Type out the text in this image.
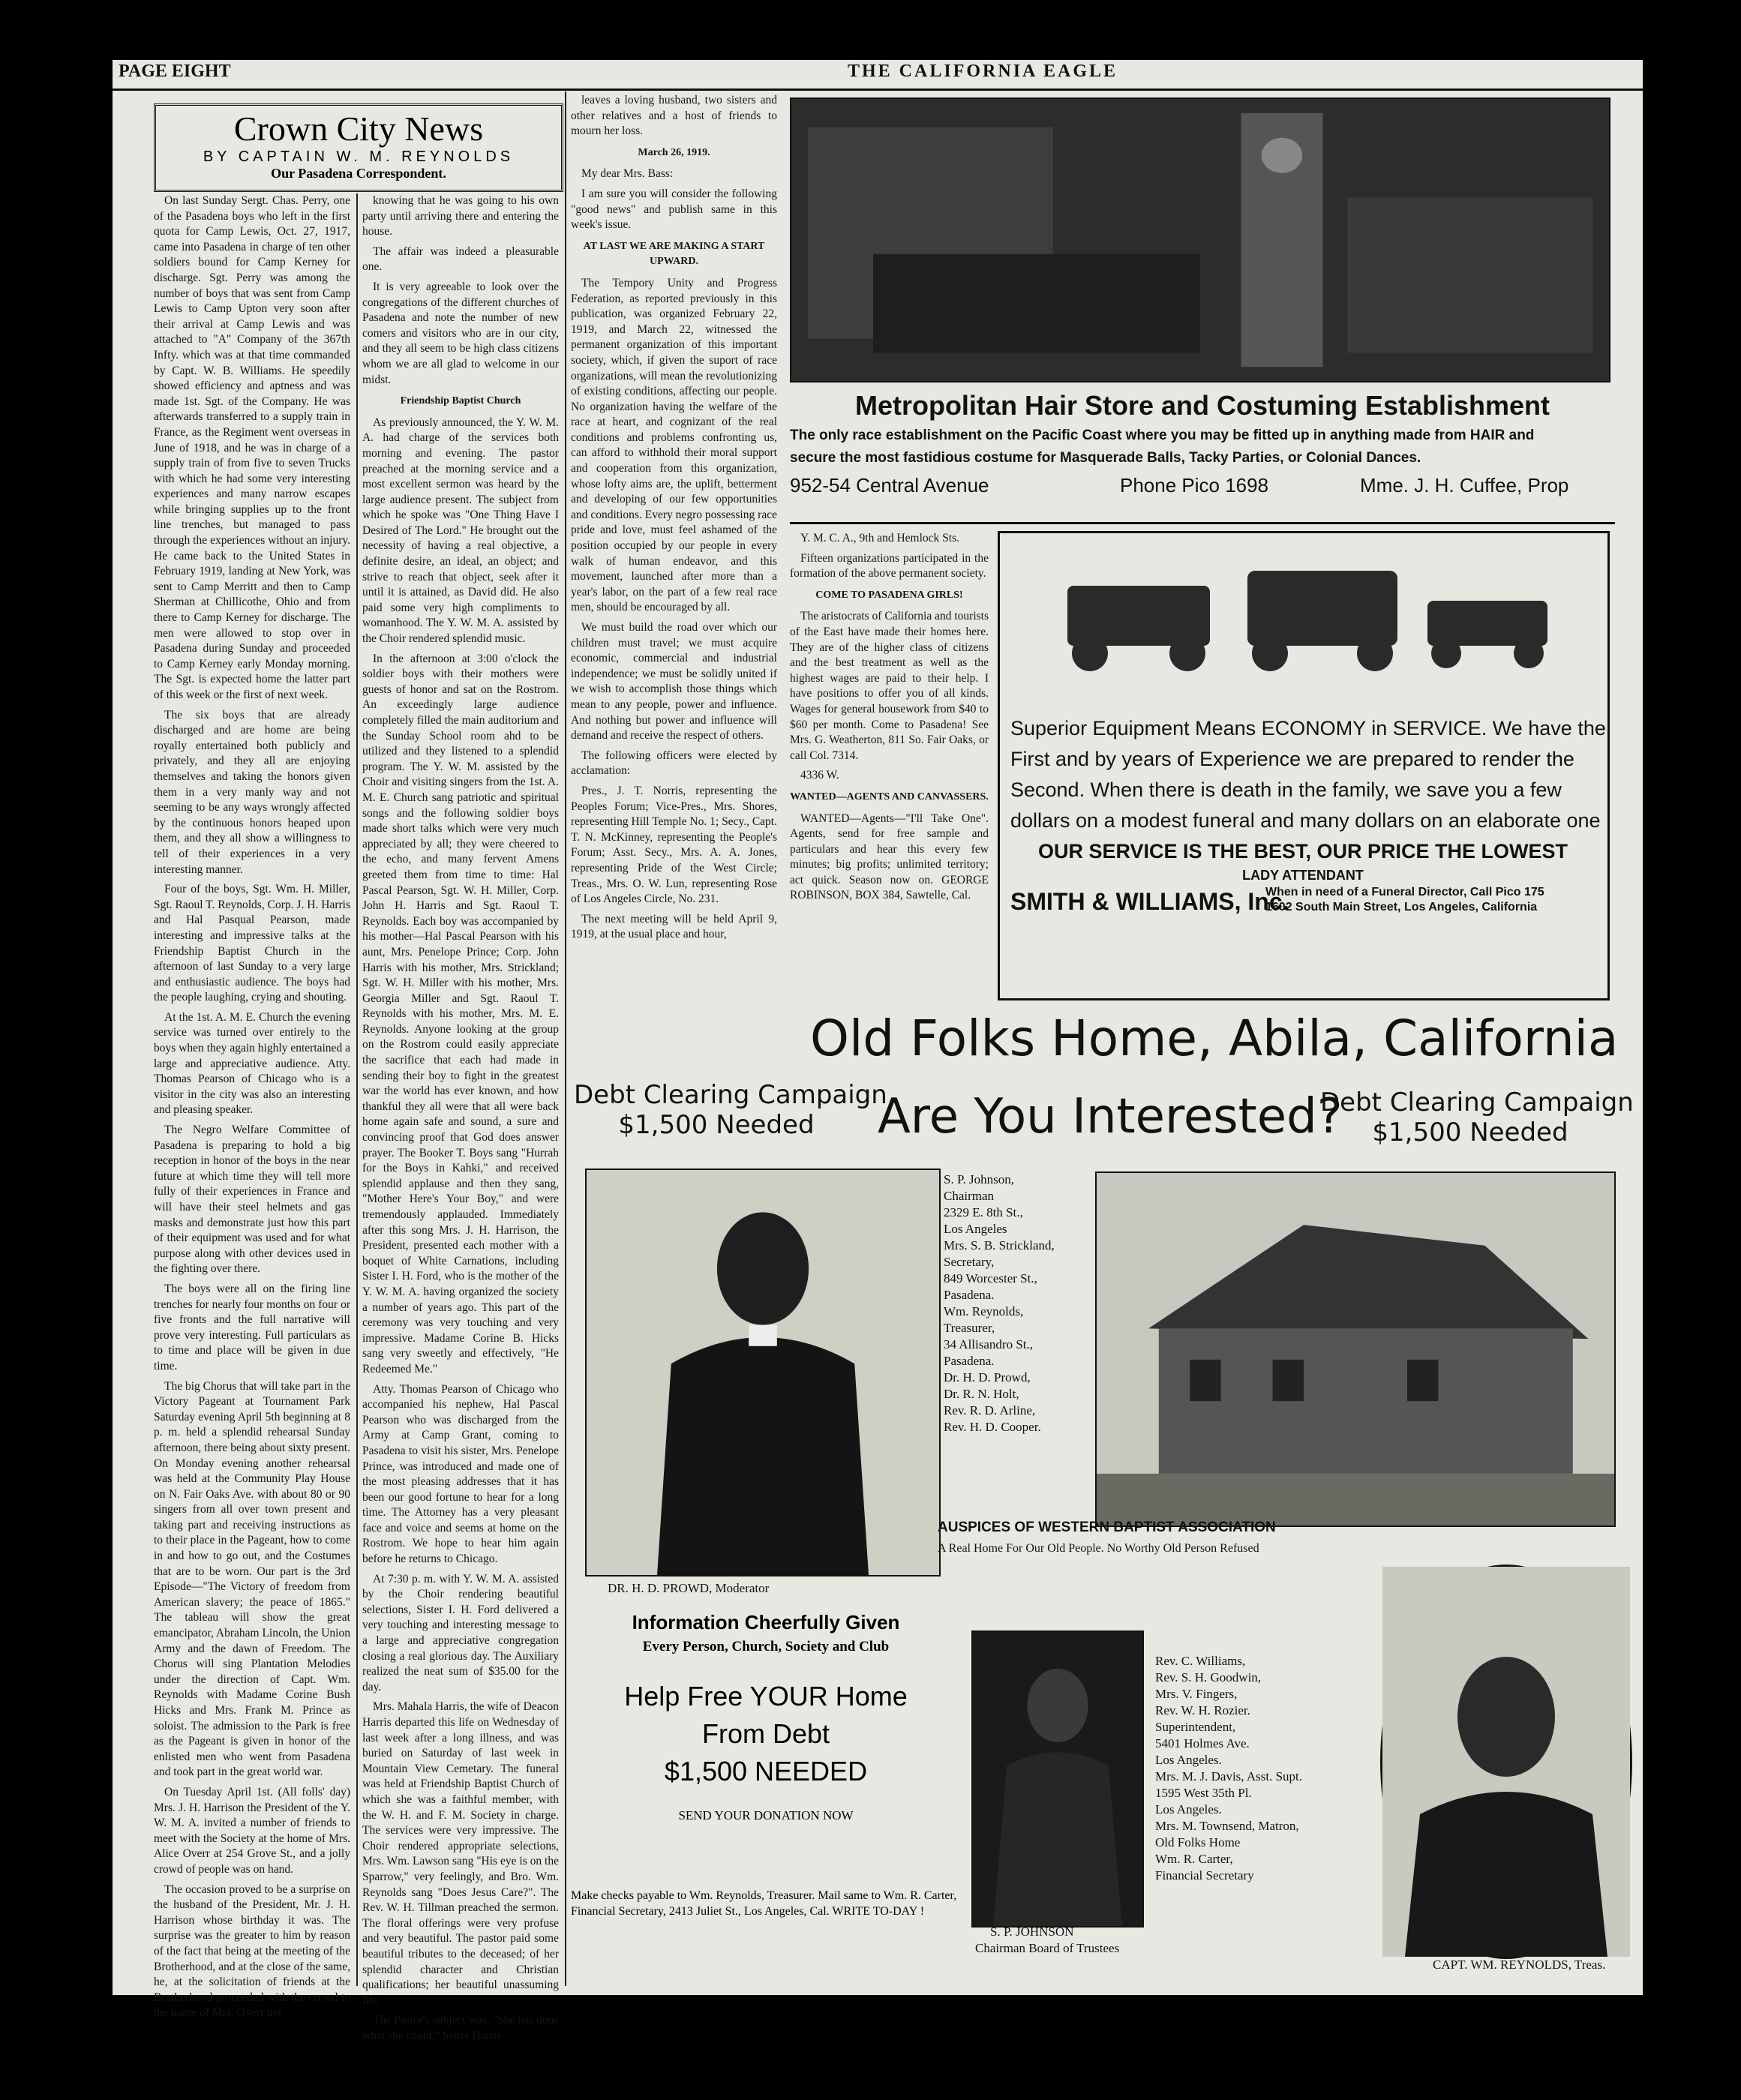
PAGE EIGHT	THE CALIFORNIA EAGLE
Crown City News
BY CAPTAIN W. M. REYNOLDS
Our Pasadena Correspondent.

On last Sunday Sergt. Chas. Perry, one of the Pasadena boys who left in the first quota for Camp Lewis, Oct. 27, 1917, came into Pasadena in charge of ten other soldiers bound for Camp Kerney for discharge. Sgt. Perry was among the number of boys that was sent from Camp Lewis to Camp Upton very soon after their arrival at Camp Lewis and was attached to "A" Company of the 367th Infty. which was at that time commanded by Capt. W. B. Williams. He speedily showed efficiency and aptness and was made 1st. Sgt. of the Company. He was afterwards transferred to a supply train in France, as the Regiment went overseas in June of 1918, and he was in charge of a supply train of from five to seven Trucks with which he had some very interesting experiences and many narrow escapes while bringing supplies up to the front line trenches, but managed to pass through the experiences without an injury. He came back to the United States in February 1919, landing at New York, was sent to Camp Merritt and then to Camp Sherman at Chillicothe, Ohio and from there to Camp Kerney for discharge. The men were allowed to stop over in Pasadena during Sunday and proceeded to Camp Kerney early Monday morning. The Sgt. is expected home the latter part of this week or the first of next week.

The six boys that are already discharged and are home are being royally entertained both publicly and privately, and they all are enjoying themselves and taking the honors given them in a very manly way and not seeming to be any ways wrongly affected by the continuous honors heaped upon them, and they all show a willingness to tell of their experiences in a very interesting manner.

Four of the boys, Sgt. Wm. H. Miller, Sgt. Raoul T. Reynolds, Corp. J. H. Harris and Hal Pasqual Pearson, made interesting and impressive talks at the Friendship Baptist Church in the afternoon of last Sunday to a very large and enthusiastic audience. The boys had the people laughing, crying and shouting.

At the 1st. A. M. E. Church the evening service was turned over entirely to the boys when they again highly entertained a large and appreciative audience. Atty. Thomas Pearson of Chicago who is a visitor in the city was also an interesting and pleasing speaker.

The Negro Welfare Committee of Pasadena is preparing to hold a big reception in honor of the boys in the near future at which time they will tell more fully of their experiences in France and will have their steel helmets and gas masks and demonstrate just how this part of their equipment was used and for what purpose along with other devices used in the fighting over there.

The boys were all on the firing line trenches for nearly four months on four or five fronts and the full narrative will prove very interesting. Full particulars as to time and place will be given in due time.

The big Chorus that will take part in the Victory Pageant at Tournament Park Saturday evening April 5th beginning at 8 p. m. held a splendid rehearsal Sunday afternoon, there being about sixty present. On Monday evening another rehearsal was held at the Community Play House on N. Fair Oaks Ave. with about 80 or 90 singers from all over town present and taking part and receiving instructions as to their place in the Pageant, how to come in and how to go out, and the Costumes that are to be worn. Our part is the 3rd Episode—"The Victory of freedom from American slavery; the peace of 1865." The tableau will show the great emancipator, Abraham Lincoln, the Union Army and the dawn of Freedom. The Chorus will sing Plantation Melodies under the direction of Capt. Wm. Reynolds with Madame Corine Bush Hicks and Mrs. Frank M. Prince as soloist. The admission to the Park is free as the Pageant is given in honor of the enlisted men who went from Pasadena and took part in the great world war.

On Tuesday April 1st. (All folls' day) Mrs. J. H. Harrison the President of the Y. W. M. A. invited a number of friends to meet with the Society at the home of Mrs. Alice Overr at 254 Grove St., and a jolly crowd of people was on hand.

The occasion proved to be a surprise on the husband of the President, Mr. J. H. Harrison whose birthday it was. The surprise was the greater to him by reason of the fact that being at the meeting of the Brotherhood, and at the close of the same, he, at the solicitation of friends at the Brotherhood proceeded with the crowd to the home of Mrs. Overr not

knowing that he was going to his own party until arriving there and entering the house.

The affair was indeed a pleasurable one.

It is very agreeable to look over the congregations of the different churches of Pasadena and note the number of new comers and visitors who are in our city, and they all seem to be high class citizens whom we are all glad to welcome in our midst.

Friendship Baptist Church

As previously announced, the Y. W. M. A. had charge of the services both morning and evening. The pastor preached at the morning service and a most excellent sermon was heard by the large audience present. The subject from which he spoke was "One Thing Have I Desired of The Lord." He brought out the necessity of having a real objective, a definite desire, an ideal, an object; and strive to reach that object, seek after it until it is attained, as David did. He also paid some very high compliments to womanhood. The Y. W. M. A. assisted by the Choir rendered splendid music.

In the afternoon at 3:00 o'clock the soldier boys with their mothers were guests of honor and sat on the Rostrom. An exceedingly large audience completely filled the main auditorium and the Sunday School room ahd to be utilized and they listened to a splendid program. The Y. W. M. assisted by the Choir and visiting singers from the 1st. A. M. E. Church sang patriotic and spiritual songs and the following soldier boys made short talks which were very much appreciated by all; they were cheered to the echo, and many fervent Amens greeted them from time to time: Hal Pascal Pearson, Sgt. W. H. Miller, Corp. John H. Harris and Sgt. Raoul T. Reynolds. Each boy was accompanied by his mother—Hal Pascal Pearson with his aunt, Mrs. Penelope Prince; Corp. John Harris with his mother, Mrs. Strickland; Sgt. W. H. Miller with his mother, Mrs. Georgia Miller and Sgt. Raoul T. Reynolds with his mother, Mrs. M. E. Reynolds. Anyone looking at the group on the Rostrom could easily appreciate the sacrifice that each had made in sending their boy to fight in the greatest war the world has ever known, and how thankful they all were that all were back home again safe and sound, a sure and convincing proof that God does answer prayer. The Booker T. Boys sang "Hurrah for the Boys in Kahki," and received splendid applause and then they sang, "Mother Here's Your Boy," and were tremendously applauded. Immediately after this song Mrs. J. H. Harrison, the President, presented each mother with a boquet of White Carnations, including Sister I. H. Ford, who is the mother of the Y. W. M. A. having organized the society a number of years ago. This part of the ceremony was very touching and very impressive. Madame Corine B. Hicks sang very sweetly and effectively, "He Redeemed Me."

Atty. Thomas Pearson of Chicago who accompanied his nephew, Hal Pascal Pearson who was discharged from the Army at Camp Grant, coming to Pasadena to visit his sister, Mrs. Penelope Prince, was introduced and made one of the most pleasing addresses that it has been our good fortune to hear for a long time. The Attorney has a very pleasant face and voice and seems at home on the Rostrom. We hope to hear him again before he returns to Chicago.

At 7:30 p. m. with Y. W. M. A. assisted by the Choir rendering beautiful selections, Sister I. H. Ford delivered a very touching and interesting message to a large and appreciative congregation closing a real glorious day. The Auxiliary realized the neat sum of $35.00 for the day.

Mrs. Mahala Harris, the wife of Deacon Harris departed this life on Wednesday of last week after a long illness, and was buried on Saturday of last week in Mountain View Cemetary. The funeral was held at Friendship Baptist Church of which she was a faithful member, with the W. H. and F. M. Society in charge. The services were very impressive. The Choir rendered appropriate selections, Mrs. Wm. Lawson sang "His eye is on the Sparrow," very feelingly, and Bro. Wm. Reynolds sang "Does Jesus Care?". The Rev. W. H. Tillman preached the sermon. The floral offerings were very profuse and very beautiful. The pastor paid some beautiful tributes to the deceased; of her splendid character and Christian qualifications; her beautiful unassuming life.

The Pastor's subject was, "She has done what she could." Sister Harris

leaves a loving husband, two sisters and other relatives and a host of friends to mourn her loss.

March 26, 1919.

My dear Mrs. Bass:

I am sure you will consider the following "good news" and publish same in this week's issue.

AT LAST WE ARE MAKING A START UPWARD.

The Tempory Unity and Progress Federation, as reported previously in this publication, was organized February 22, 1919, and March 22, witnessed the permanent organization of this important society, which, if given the suport of race organizations, will mean the revolutionizing of existing conditions, affecting our people. No organization having the welfare of the race at heart, and cognizant of the real conditions and problems confronting us, can afford to withhold their moral support and cooperation from this organization, whose lofty aims are, the uplift, betterment and developing of our few opportunities and conditions. Every negro possessing race pride and love, must feel ashamed of the position occupied by our people in every walk of human endeavor, and this movement, launched after more than a year's labor, on the part of a few real race men, should be encouraged by all.

We must build the road over which our children must travel; we must acquire economic, commercial and industrial independence; we must be solidly united if we wish to accomplish those things which mean to any people, power and influence. And nothing but power and influence will demand and receive the respect of others.

The following officers were elected by acclamation:

Pres., J. T. Norris, representing the Peoples Forum; Vice-Pres., Mrs. Shores, representing Hill Temple No. 1; Secy., Capt. T. N. McKinney, representing the People's Forum; Asst. Secy., Mrs. A. A. Jones, representing Pride of the West Circle; Treas., Mrs. O. W. Lun, representing Rose of Los Angeles Circle, No. 231.

The next meeting will be held April 9, 1919, at the usual place and hour,

Metropolitan Hair Store and Costuming Establishment
The only race establishment on the Pacific Coast where you may be fitted up in anything made from HAIR and
secure the most fastidious costume for Masquerade Balls, Tacky Parties, or Colonial Dances.
952-54 Central Avenue	Phone Pico 1698	Mme. J. H. Cuffee, Prop

Y. M. C. A., 9th and Hemlock Sts.

Fifteen organizations participated in the formation of the above permanent society.

COME TO PASADENA GIRLS!

The aristocrats of California and tourists of the East have made their homes here. They are of the higher class of citizens and the best treatment as well as the highest wages are paid to their help. I have positions to offer you of all kinds. Wages for general housework from $40 to $60 per month. Come to Pasadena! See Mrs. G. Weatherton, 811 So. Fair Oaks, or call Col. 7314.

4336 W.

WANTED—AGENTS AND CANVASSERS.

WANTED—Agents—"I'll Take One". Agents, send for free sample and particulars and hear this every few minutes; big profits; unlimited territory; act quick. Season now on. GEORGE ROBINSON, BOX 384, Sawtelle, Cal.

Superior Equipment Means ECONOMY in SERVICE. We have the
First and by years of Experience we are prepared to render the
Second. When there is death in the family, we save you a few
dollars on a modest funeral and many dollars on an elaborate one
OUR SERVICE IS THE BEST, OUR PRICE THE LOWEST
LADY ATTENDANT
SMITH & WILLIAMS, Inc.
When in need of a Funeral Director, Call Pico 175
1602 South Main Street, Los Angeles, California
Old Folks Home, Abila, California
Debt Clearing Campaign
$1,500 Needed	Are You Interested?
Debt Clearing Campaign
$1,500 Needed
DR. H. D. PROWD, Moderator
S. P. Johnson,
Chairman
2329 E. 8th St.,
Los Angeles
Mrs. S. B. Strickland,
Secretary,
849 Worcester St.,
Pasadena.
Wm. Reynolds,
Treasurer,
34 Allisandro St.,
Pasadena.
Dr. H. D. Prowd,
Dr. R. N. Holt,
Rev. R. D. Arline,
Rev. H. D. Cooper.
AUSPICES OF WESTERN BAPTIST ASSOCIATION
A Real Home For Our Old People. No Worthy Old Person Refused
Information Cheerfully Given
Every Person, Church, Society and Club
Help Free YOUR Home
From Debt
$1,500 NEEDED
SEND YOUR DONATION NOW
Make checks payable to Wm. Reynolds, Treasurer. Mail same to Wm. R. Carter, Financial Secretary, 2413 Juliet St., Los Angeles, Cal. WRITE TO-DAY !
S. P. JOHNSON
Chairman Board of Trustees
Rev. C. Williams,
Rev. S. H. Goodwin,
Mrs. V. Fingers,
Rev. W. H. Rozier.
Superintendent,
5401 Holmes Ave.
Los Angeles.
Mrs. M. J. Davis, Asst. Supt.
1595 West 35th Pl.
Los Angeles.
Mrs. M. Townsend, Matron,
Old Folks Home
Wm. R. Carter,
Financial Secretary
CAPT. WM. REYNOLDS, Treas.
